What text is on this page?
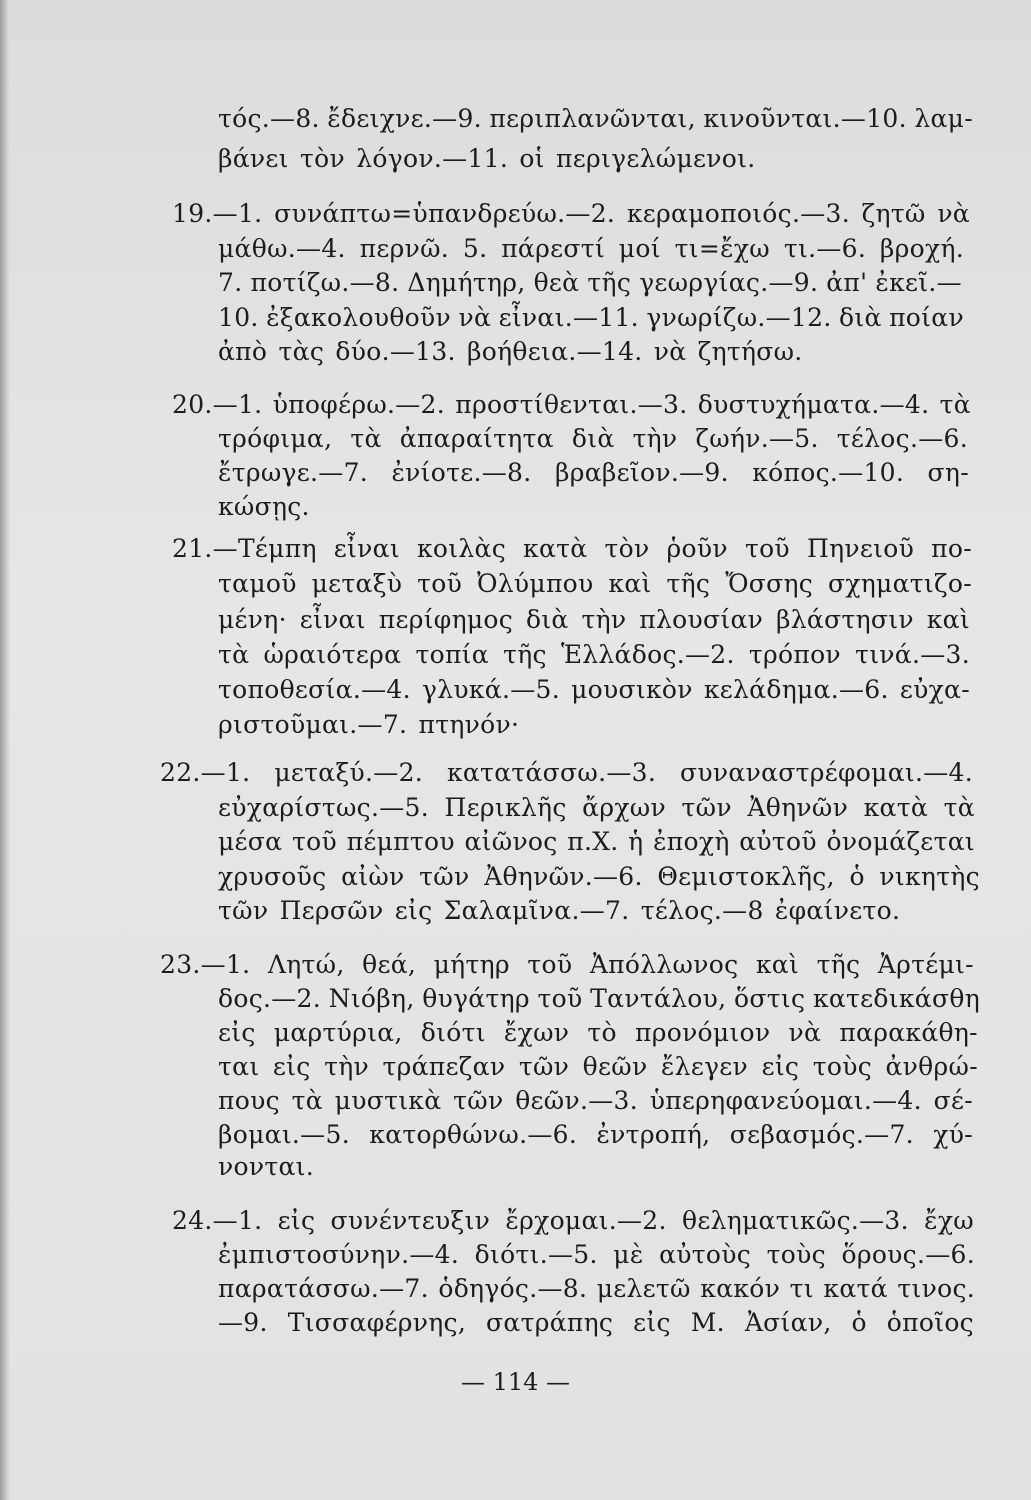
τός.—8. ἔδειχνε.—9. περιπλανῶνται, κινοῦνται.—10. λαμ-
βάνει τὸν λόγον.—11. οἱ περιγελώμενοι.
19.—1. συνάπτω=ὑπανδρεύω.—2. κεραμοποιός.—3. ζητῶ νὰ
μάθω.—4. περνῶ. 5. πάρεστί μοί τι=ἔχω τι.—6. βροχή.
7. ποτίζω.—8. Δημήτηρ, θεὰ τῆς γεωργίας.—9. ἀπ' ἐκεῖ.—
10. ἐξακολουθοῦν νὰ εἶναι.—11. γνωρίζω.—12. διὰ ποίαν
ἀπὸ τὰς δύο.—13. βοήθεια.—14. νὰ ζητήσω.
20.—1. ὑποφέρω.—2. προστίθενται.—3. δυστυχήματα.—4. τὰ
τρόφιμα, τὰ ἀπαραίτητα διὰ τὴν ζωήν.—5. τέλος.—6.
ἔτρωγε.—7. ἐνίοτε.—8. βραβεῖον.—9. κόπος.—10. ση-
κώσῃς.
21.—Τέμπη εἶναι κοιλὰς κατὰ τὸν ῥοῦν τοῦ Πηνειοῦ πο-
ταμοῦ μεταξὺ τοῦ Ὀλύμπου καὶ τῆς Ὄσσης σχηματιζο-
μένη· εἶναι περίφημος διὰ τὴν πλουσίαν βλάστησιν καὶ
τὰ ὡραιότερα τοπία τῆς Ἑλλάδος.—2. τρόπον τινά.—3.
τοποθεσία.—4. γλυκά.—5. μουσικὸν κελάδημα.—6. εὐχα-
ριστοῦμαι.—7. πτηνόν·
22.—1. μεταξύ.—2. κατατάσσω.—3. συναναστρέφομαι.—4.
εὐχαρίστως.—5. Περικλῆς ἄρχων τῶν Ἀθηνῶν κατὰ τὰ
μέσα τοῦ πέμπτου αἰῶνος π.Χ. ἡ ἐποχὴ αὐτοῦ ὀνομάζεται
χρυσοῦς αἰὼν τῶν Ἀθηνῶν.—6. Θεμιστοκλῆς, ὁ νικητὴς
τῶν Περσῶν εἰς Σαλαμῖνα.—7. τέλος.—8 ἐφαίνετο.
23.—1. Λητώ, θεά, μήτηρ τοῦ Ἀπόλλωνος καὶ τῆς Ἀρτέμι-
δος.—2. Νιόβη, θυγάτηρ τοῦ Ταντάλου, ὅστις κατεδικάσθη
εἰς μαρτύρια, διότι ἔχων τὸ προνόμιον νὰ παρακάθη-
ται εἰς τὴν τράπεζαν τῶν θεῶν ἔλεγεν εἰς τοὺς ἀνθρώ-
πους τὰ μυστικὰ τῶν θεῶν.—3. ὑπερηφανεύομαι.—4. σέ-
βομαι.—5. κατορθώνω.—6. ἐντροπή, σεβασμός.—7. χύ-
νονται.
24.—1. εἰς συνέντευξιν ἔρχομαι.—2. θεληματικῶς.—3. ἔχω
ἐμπιστοσύνην.—4. διότι.—5. μὲ αὐτοὺς τοὺς ὅρους.—6.
παρατάσσω.—7. ὁδηγός.—8. μελετῶ κακόν τι κατά τινος.
—9. Τισσαφέρνης, σατράπης εἰς Μ. Ἀσίαν, ὁ ὁποῖος
— 114 —
